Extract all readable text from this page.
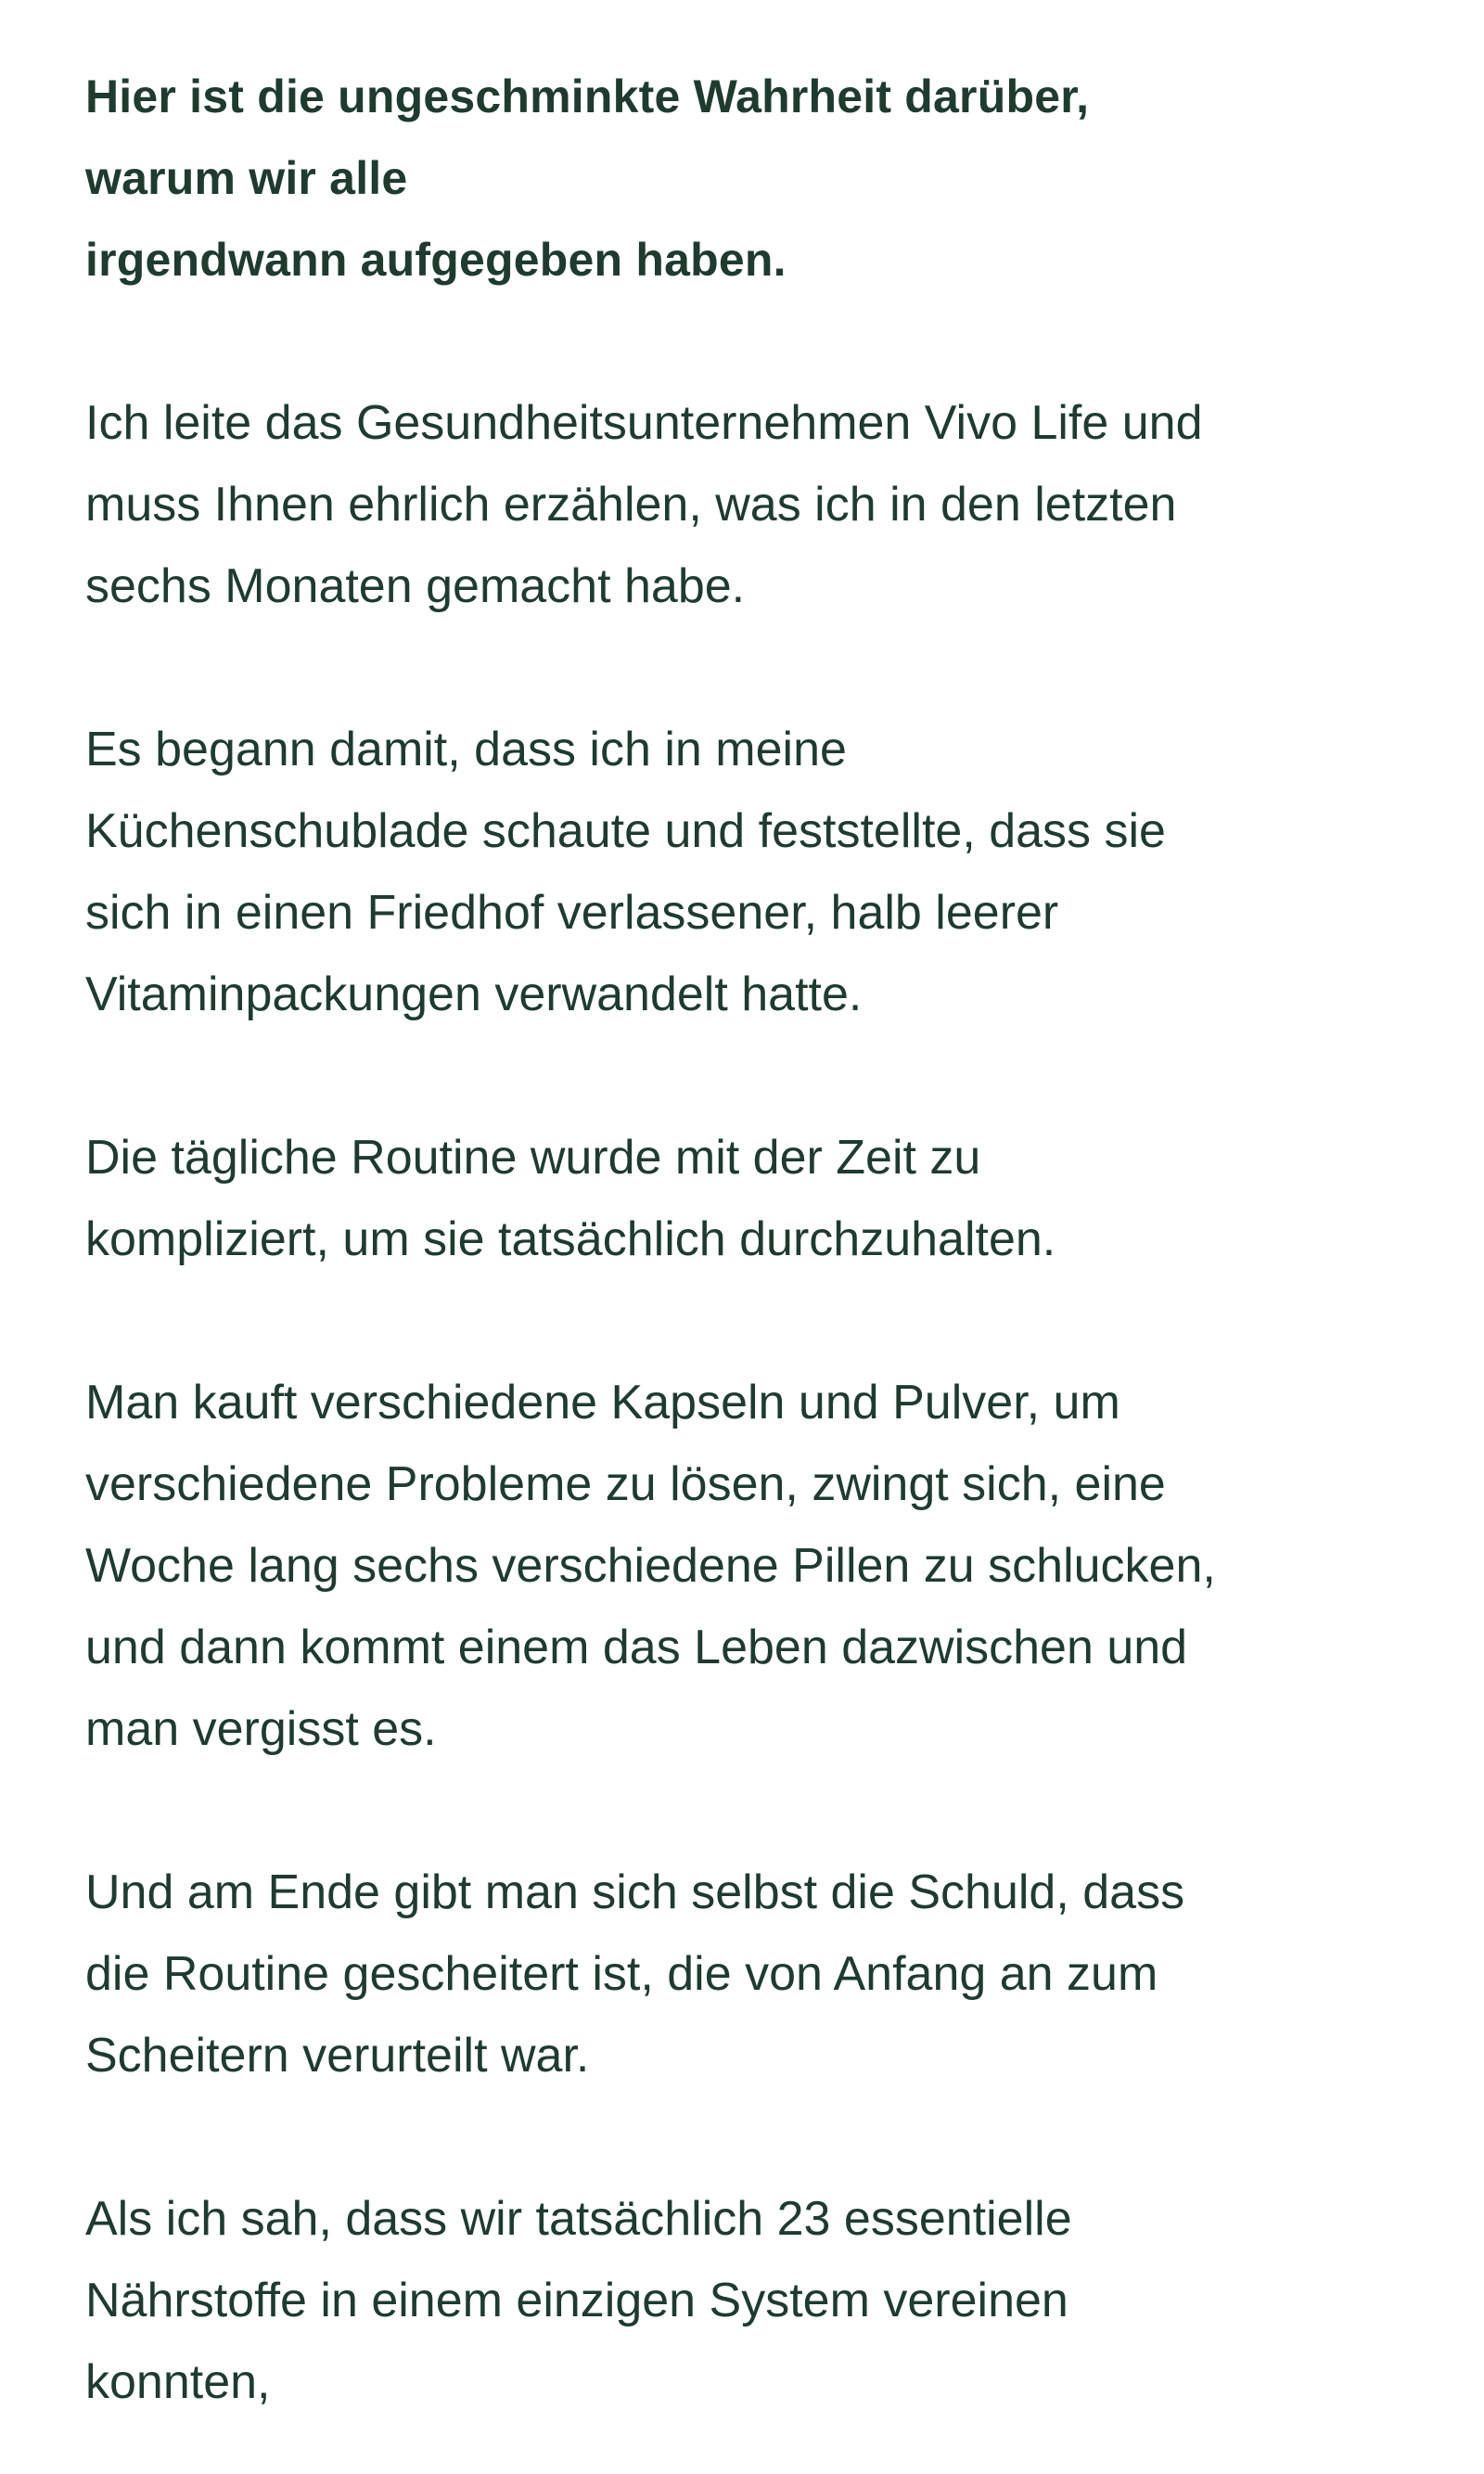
Hier ist die ungeschminkte Wahrheit darüber,
warum wir alle
irgendwann aufgegeben haben.

Ich leite das Gesundheitsunternehmen Vivo Life und
muss Ihnen ehrlich erzählen, was ich in den letzten
sechs Monaten gemacht habe.

Es begann damit, dass ich in meine
Küchenschublade schaute und feststellte, dass sie
sich in einen Friedhof verlassener, halb leerer
Vitaminpackungen verwandelt hatte.

Die tägliche Routine wurde mit der Zeit zu
kompliziert, um sie tatsächlich durchzuhalten.

Man kauft verschiedene Kapseln und Pulver, um
verschiedene Probleme zu lösen, zwingt sich, eine
Woche lang sechs verschiedene Pillen zu schlucken,
und dann kommt einem das Leben dazwischen und
man vergisst es.

Und am Ende gibt man sich selbst die Schuld, dass
die Routine gescheitert ist, die von Anfang an zum
Scheitern verurteilt war.

Als ich sah, dass wir tatsächlich 23 essentielle
Nährstoffe in einem einzigen System vereinen
konnten,
